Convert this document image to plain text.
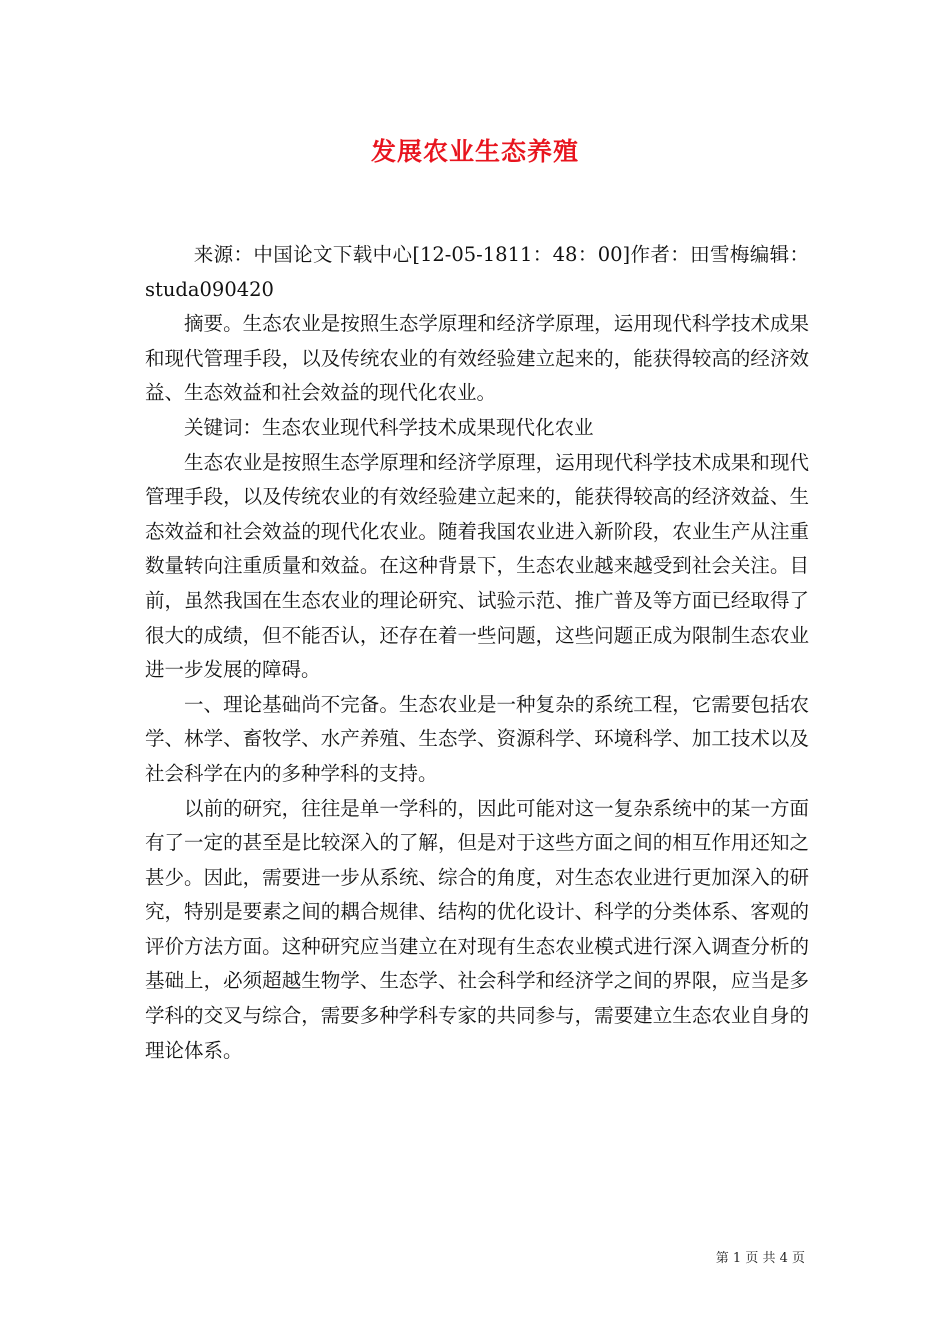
发展农业生态养殖

来源：中国论文下载中心[12-05-1811：48：00]作者：田雪梅编辑：studa090420

摘要。生态农业是按照生态学原理和经济学原理，运用现代科学技术成果和现代管理手段，以及传统农业的有效经验建立起来的，能获得较高的经济效益、生态效益和社会效益的现代化农业。

关键词：生态农业现代科学技术成果现代化农业

生态农业是按照生态学原理和经济学原理，运用现代科学技术成果和现代管理手段，以及传统农业的有效经验建立起来的，能获得较高的经济效益、生态效益和社会效益的现代化农业。随着我国农业进入新阶段，农业生产从注重数量转向注重质量和效益。在这种背景下，生态农业越来越受到社会关注。目前，虽然我国在生态农业的理论研究、试验示范、推广普及等方面已经取得了很大的成绩，但不能否认，还存在着一些问题，这些问题正成为限制生态农业进一步发展的障碍。

一、理论基础尚不完备。生态农业是一种复杂的系统工程，它需要包括农学、林学、畜牧学、水产养殖、生态学、资源科学、环境科学、加工技术以及社会科学在内的多种学科的支持。

以前的研究，往往是单一学科的，因此可能对这一复杂系统中的某一方面有了一定的甚至是比较深入的了解，但是对于这些方面之间的相互作用还知之甚少。因此，需要进一步从系统、综合的角度，对生态农业进行更加深入的研究，特别是要素之间的耦合规律、结构的优化设计、科学的分类体系、客观的评价方法方面。这种研究应当建立在对现有生态农业模式进行深入调查分析的基础上，必须超越生物学、生态学、社会科学和经济学之间的界限，应当是多学科的交叉与综合，需要多种学科专家的共同参与，需要建立生态农业自身的理论体系。

第 1 页 共 4 页
